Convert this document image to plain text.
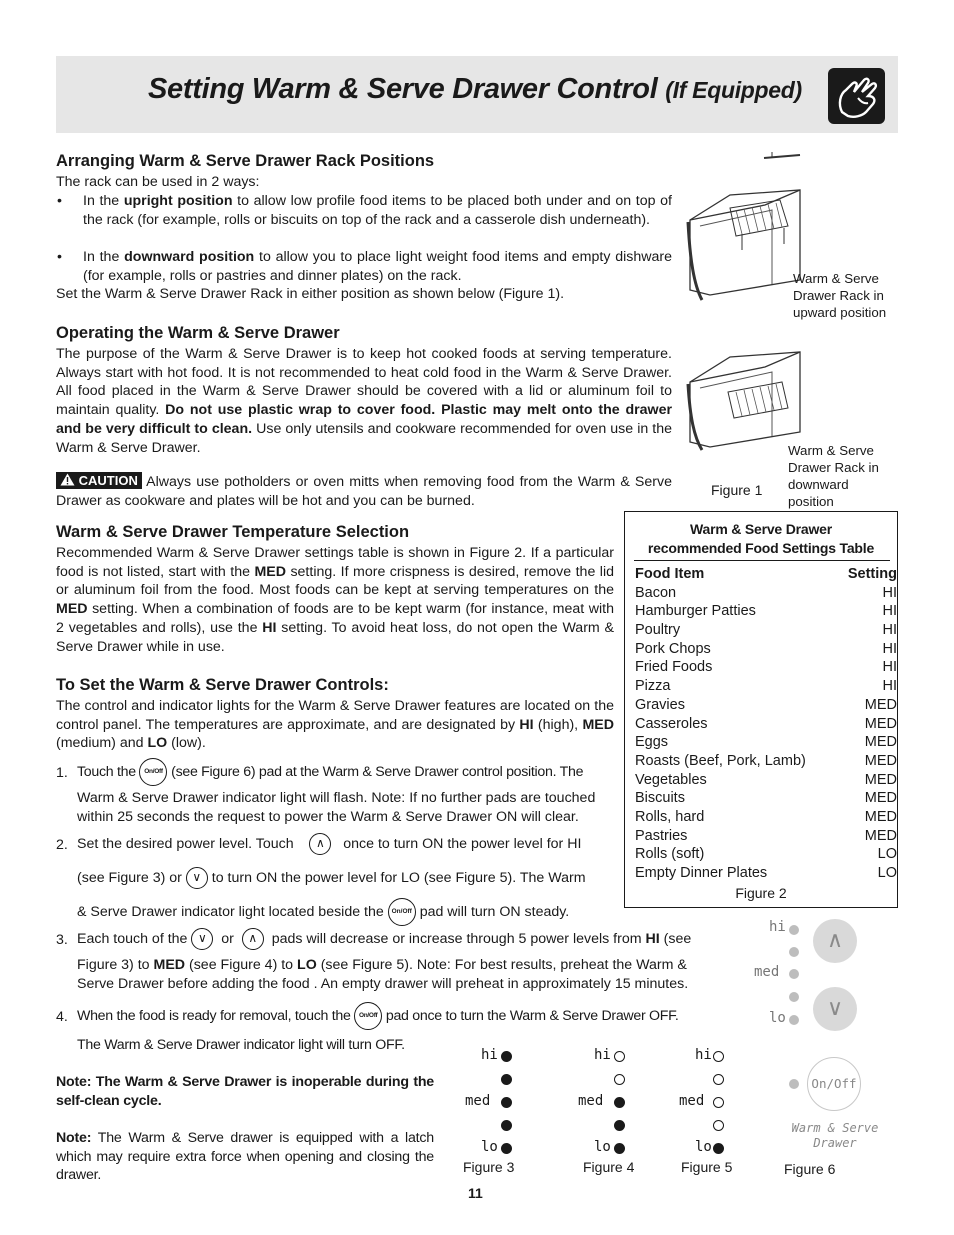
Setting Warm & Serve Drawer Control (If Equipped)
Arranging Warm & Serve Drawer Rack Positions
The rack can be used in 2 ways:
• In the upright position to allow low profile food items to be placed both under and on top of the rack (for example, rolls or biscuits on top of the rack and a casserole dish underneath).
• In the downward position to allow you to place light weight food items and empty dishware (for example, rolls or pastries and dinner plates) on the rack.
Set the Warm & Serve Drawer Rack in either position as shown below (Figure 1).
Warm & Serve Drawer Rack in upward position
Warm & Serve Drawer Rack in downward position
Figure 1
Operating the Warm & Serve Drawer
The purpose of the Warm & Serve Drawer is to keep hot cooked foods at serving temperature. Always start with hot food. It is not recommended to heat cold food in the Warm & Serve Drawer. All food placed in the Warm & Serve Drawer should be covered with a lid or aluminum foil to maintain quality. Do not use plastic wrap to cover food. Plastic may melt onto the drawer and be very difficult to clean. Use only utensils and cookware recommended for oven use in the Warm & Serve Drawer.
CAUTION Always use potholders or oven mitts when removing food from the Warm & Serve Drawer as cookware and plates will be hot and you can be burned.
Warm & Serve Drawer Temperature Selection
Recommended Warm & Serve Drawer settings table is shown in Figure 2. If a particular food is not listed, start with the MED setting. If more crispness is desired, remove the lid or aluminum foil from the food. Most foods can be kept at serving temperatures on the MED setting. When a combination of foods are to be kept warm (for instance, meat with 2 vegetables and rolls), use the HI setting. To avoid heat loss, do not open the Warm & Serve Drawer while in use.
Warm & Serve Drawer
recommended Food Settings Table
Food Item	Setting
Bacon	HI
Hamburger Patties	HI
Poultry	HI
Pork Chops	HI
Fried Foods	HI
Pizza	HI
Gravies	MED
Casseroles	MED
Eggs	MED
Roasts (Beef, Pork, Lamb)	MED
Vegetables	MED
Biscuits	MED
Rolls, hard	MED
Pastries	MED
Rolls (soft)	LO
Empty Dinner Plates	LO
Figure 2
To Set the Warm & Serve Drawer Controls:
The control and indicator lights for the Warm & Serve Drawer features are located on the control panel. The temperatures are approximate, and are designated by HI (high), MED (medium) and LO (low).
1. Touch the On/Off (see Figure 6) pad at the Warm & Serve Drawer control position. The
Warm & Serve Drawer indicator light will flash. Note: If no further pads are touched
within 25 seconds the request to power the Warm & Serve Drawer ON will clear.
2. Set the desired power level. Touch ∧ once to turn ON the power level for HI
(see Figure 3) or ∨ to turn ON the power level for LO (see Figure 5). The Warm
& Serve Drawer indicator light located beside the On/Off pad will turn ON steady.
3. Each touch of the ∨ or ∧ pads will decrease or increase through 5 power levels from HI (see
Figure 3) to MED (see Figure 4) to LO (see Figure 5). Note: For best results, preheat the Warm &
Serve Drawer before adding the food . An empty drawer will preheat in approximately 15 minutes.
4. When the food is ready for removal, touch the On/Off pad once to turn the Warm & Serve Drawer OFF.
The Warm & Serve Drawer indicator light will turn OFF.
Note: The Warm & Serve Drawer is inoperable during the self-clean cycle.
Note: The Warm & Serve drawer is equipped with a latch which may require extra force when opening and closing the drawer.
hi
med
lo
Figure 3
hi
med
lo
Figure 4
hi
med
lo
Figure 5
hi
med
lo
∧
∨
On/Off
Warm & Serve
Drawer
Figure 6
11
